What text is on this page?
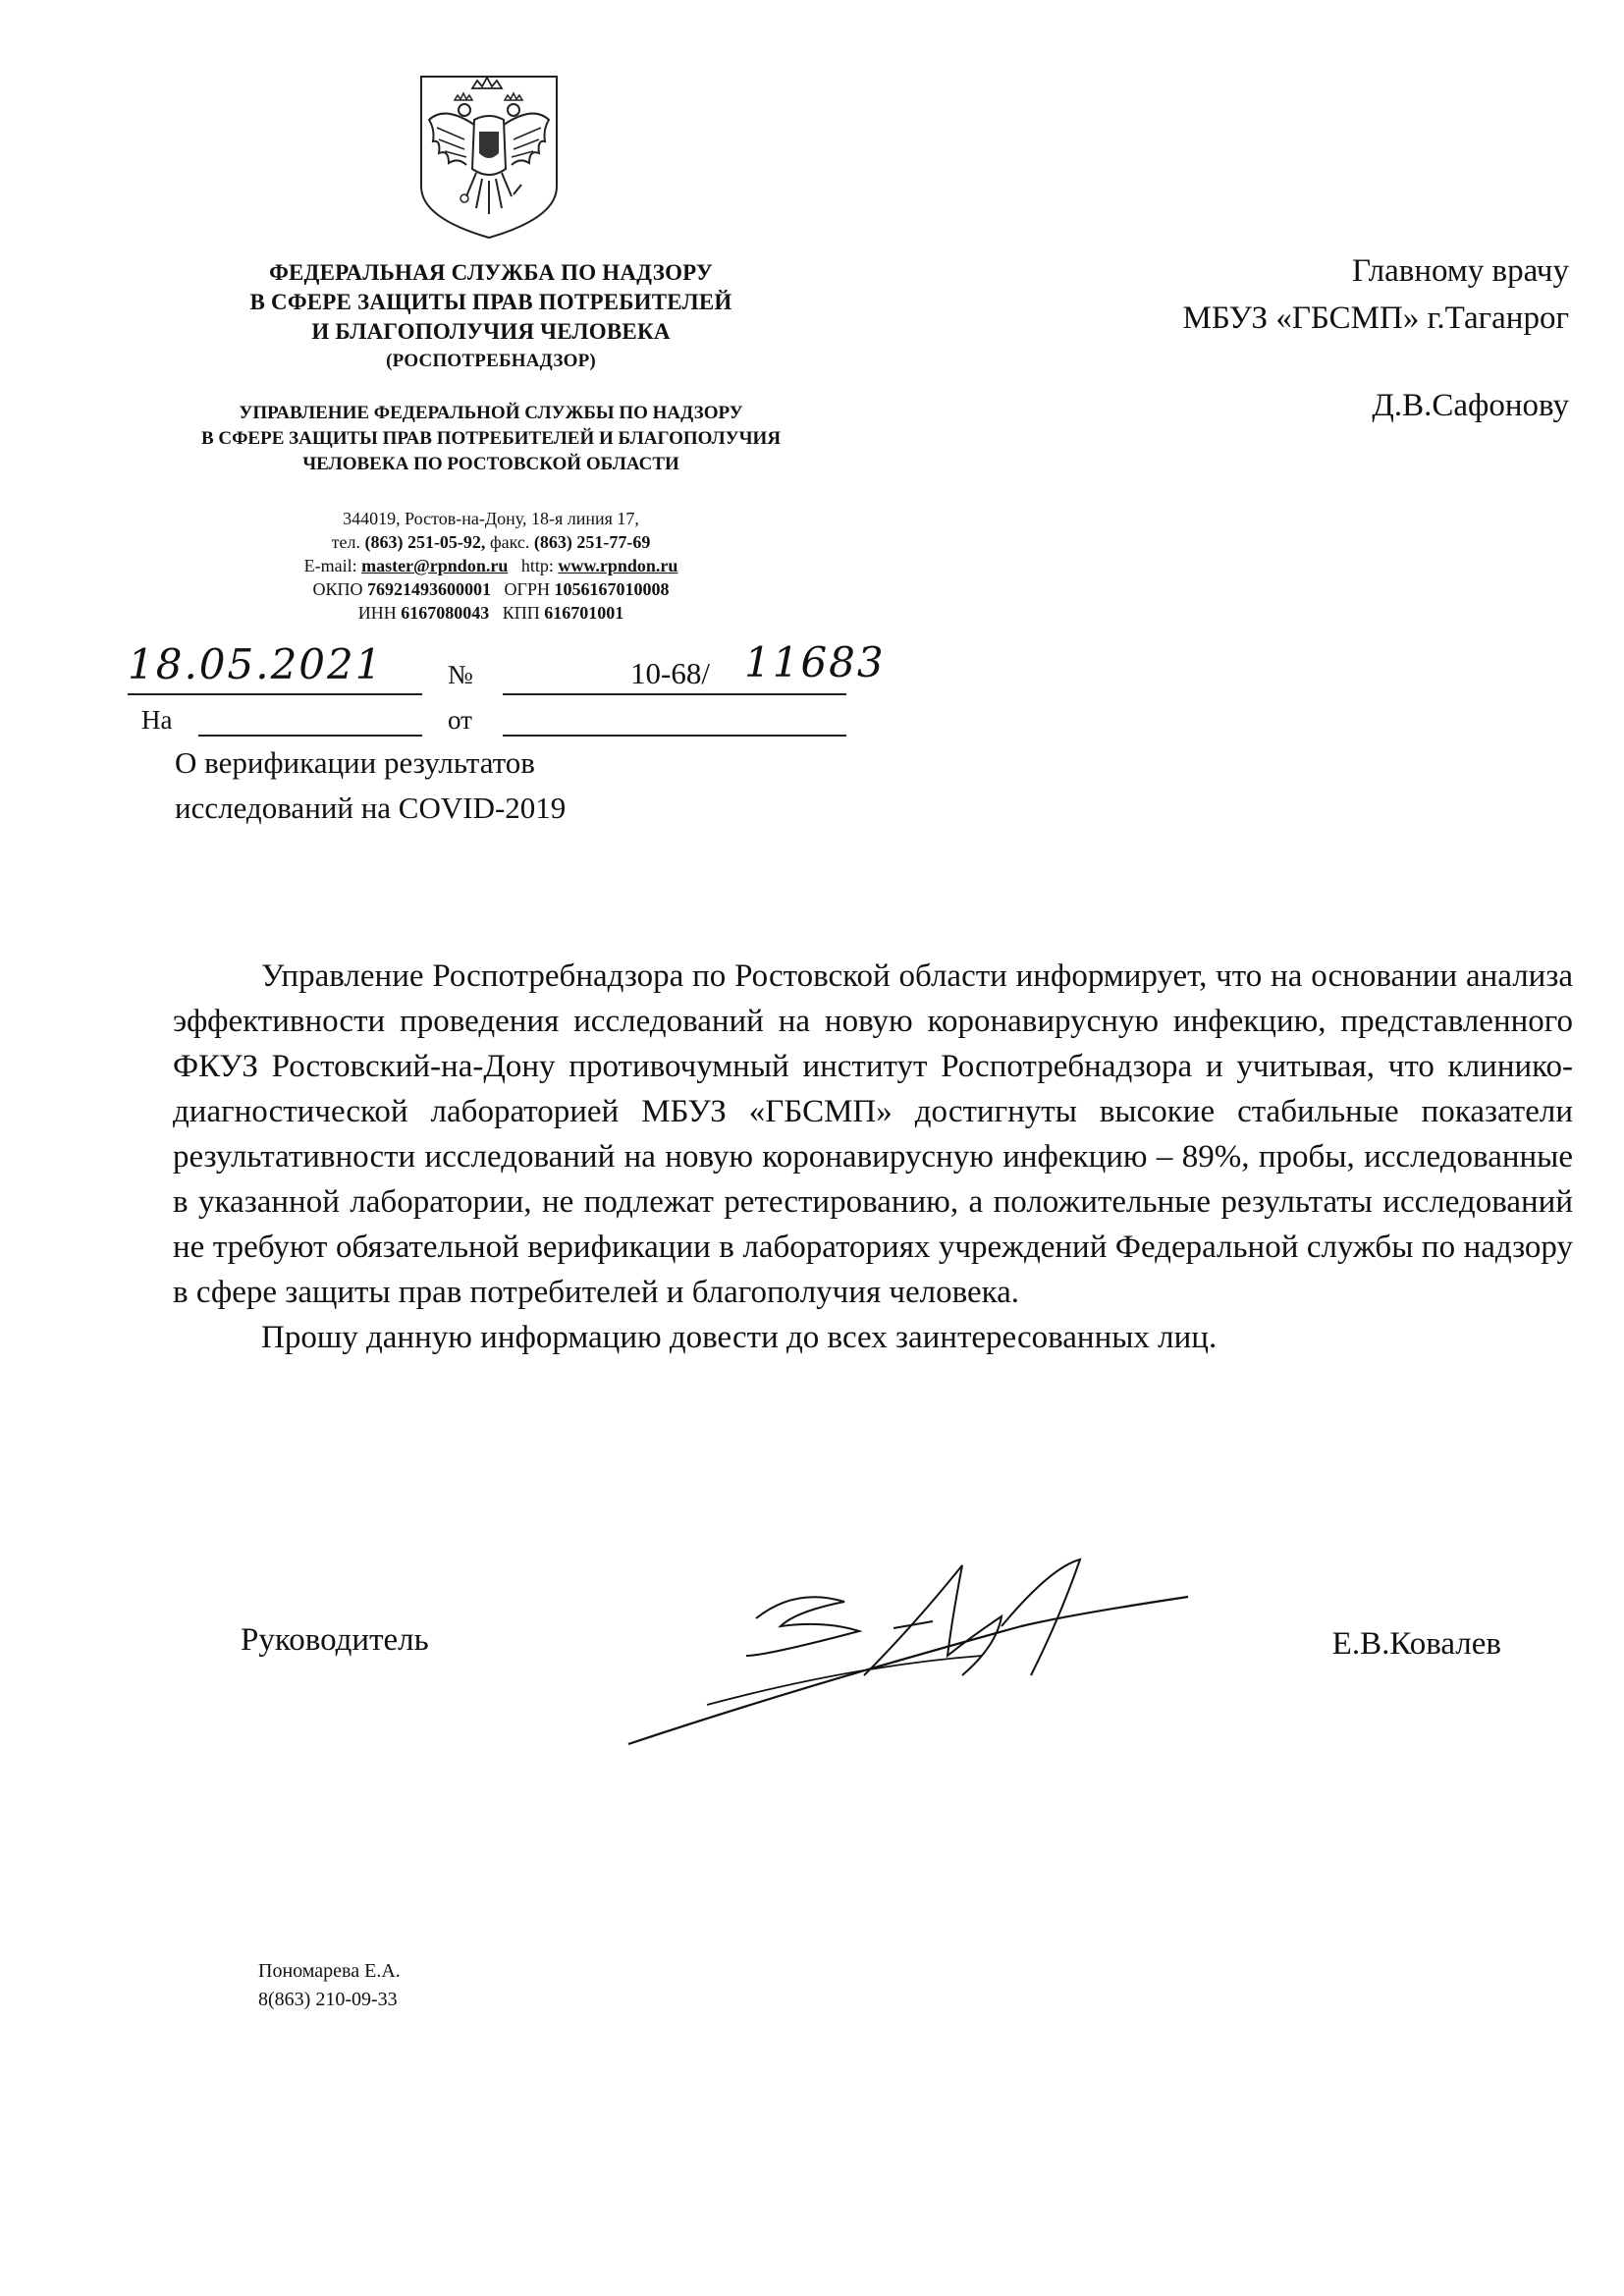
ФЕДЕРАЛЬНАЯ СЛУЖБА ПО НАДЗОРУ
В СФЕРЕ ЗАЩИТЫ ПРАВ ПОТРЕБИТЕЛЕЙ
И БЛАГОПОЛУЧИЯ ЧЕЛОВЕКА
(РОСПОТРЕБНАДЗОР)
УПРАВЛЕНИЕ ФЕДЕРАЛЬНОЙ СЛУЖБЫ ПО НАДЗОРУ
В СФЕРЕ ЗАЩИТЫ ПРАВ ПОТРЕБИТЕЛЕЙ И БЛАГОПОЛУЧИЯ
ЧЕЛОВЕКА ПО РОСТОВСКОЙ ОБЛАСТИ
344019, Ростов-на-Дону, 18-я линия 17,
тел. (863) 251-05-92, факс. (863) 251-77-69
E-mail: master@rpndon.ru http: www.rpndon.ru
ОКПО 76921493600001 ОГРН 1056167010008
ИНН 6167080043 КПП 616701001
18.05.2021 №	10-68/ 11683
На	от
О верификации результатов
исследований на COVID-2019
Главному врачу
МБУЗ «ГБСМП» г.Таганрог
Д.В.Сафонову

Управление Роспотребнадзора по Ростовской области информирует, что на основании анализа эффективности проведения исследований на новую коронавирусную инфекцию, представленного ФКУЗ Ростовский-на-Дону противочумный институт Роспотребнадзора и учитывая, что клинико-диагностической лабораторией МБУЗ «ГБСМП» достигнуты высокие стабильные показатели результативности исследований на новую коронавирусную инфекцию – 89%, пробы, исследованные в указанной лаборатории, не подлежат ретестированию, а положительные результаты исследований не требуют обязательной верификации в лабораториях учреждений Федеральной службы по надзору в сфере защиты прав потребителей и благополучия человека.

Прошу данную информацию довести до всех заинтересованных лиц.

Руководитель	Е.В.Ковалев
Пономарева Е.А.
8(863) 210-09-33
